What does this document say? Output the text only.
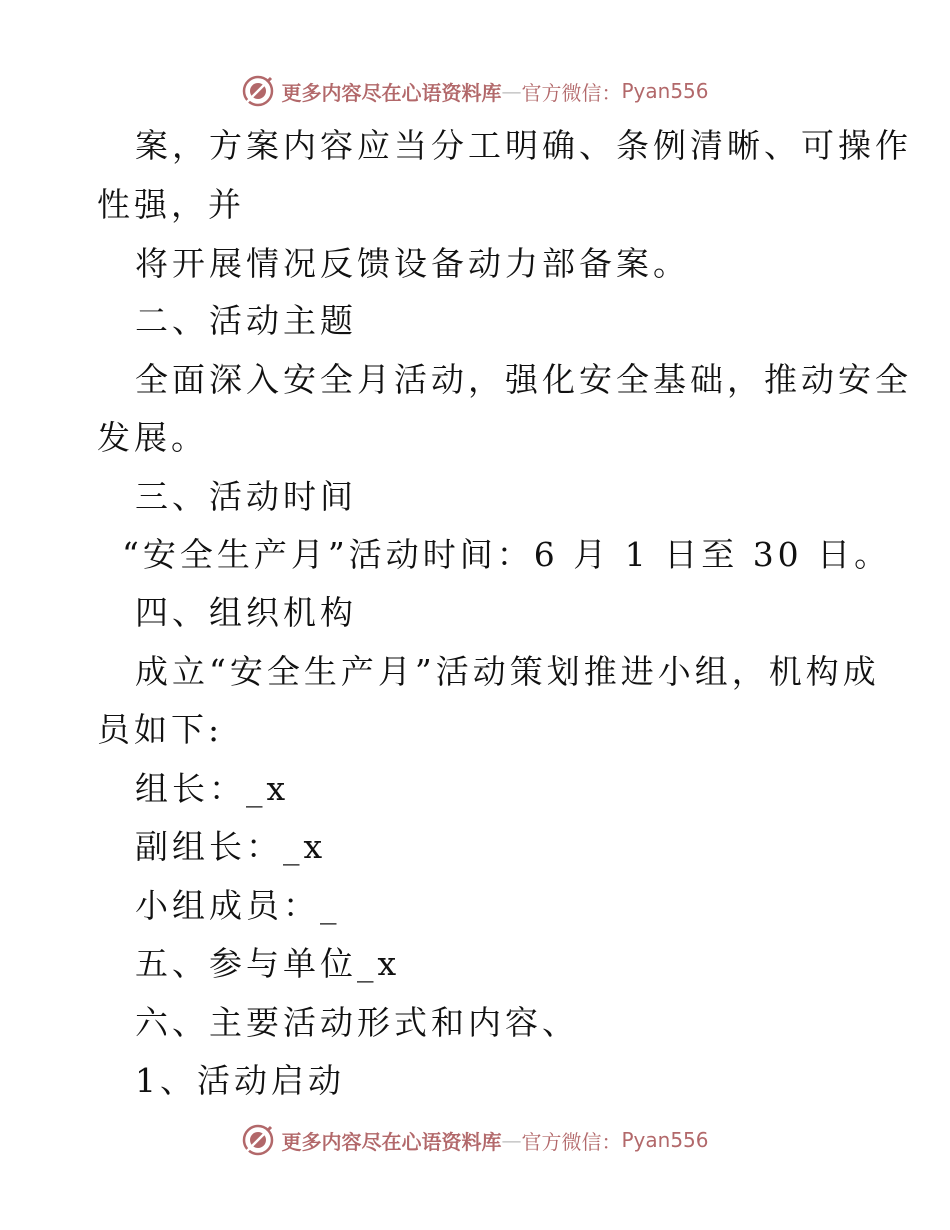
更多内容尽在心语资料库 — 官方微信： Pyan556
案，方案内容应当分工明确、条例清晰、可操作
性强，并
将开展情况反馈设备动力部备案。
二、活动主题
全面深入安全月活动，强化安全基础，推动安全
发展。
三、活动时间
“安全生产月”活动时间：6 月 1 日至 30 日。
四、组织机构
成立“安全生产月”活动策划推进小组，机构成
员如下:
组长：_x
副组长：_x
小组成员：_
五、参与单位_x
六、主要活动形式和内容、
1、活动启动
更多内容尽在心语资料库 — 官方微信： Pyan556
